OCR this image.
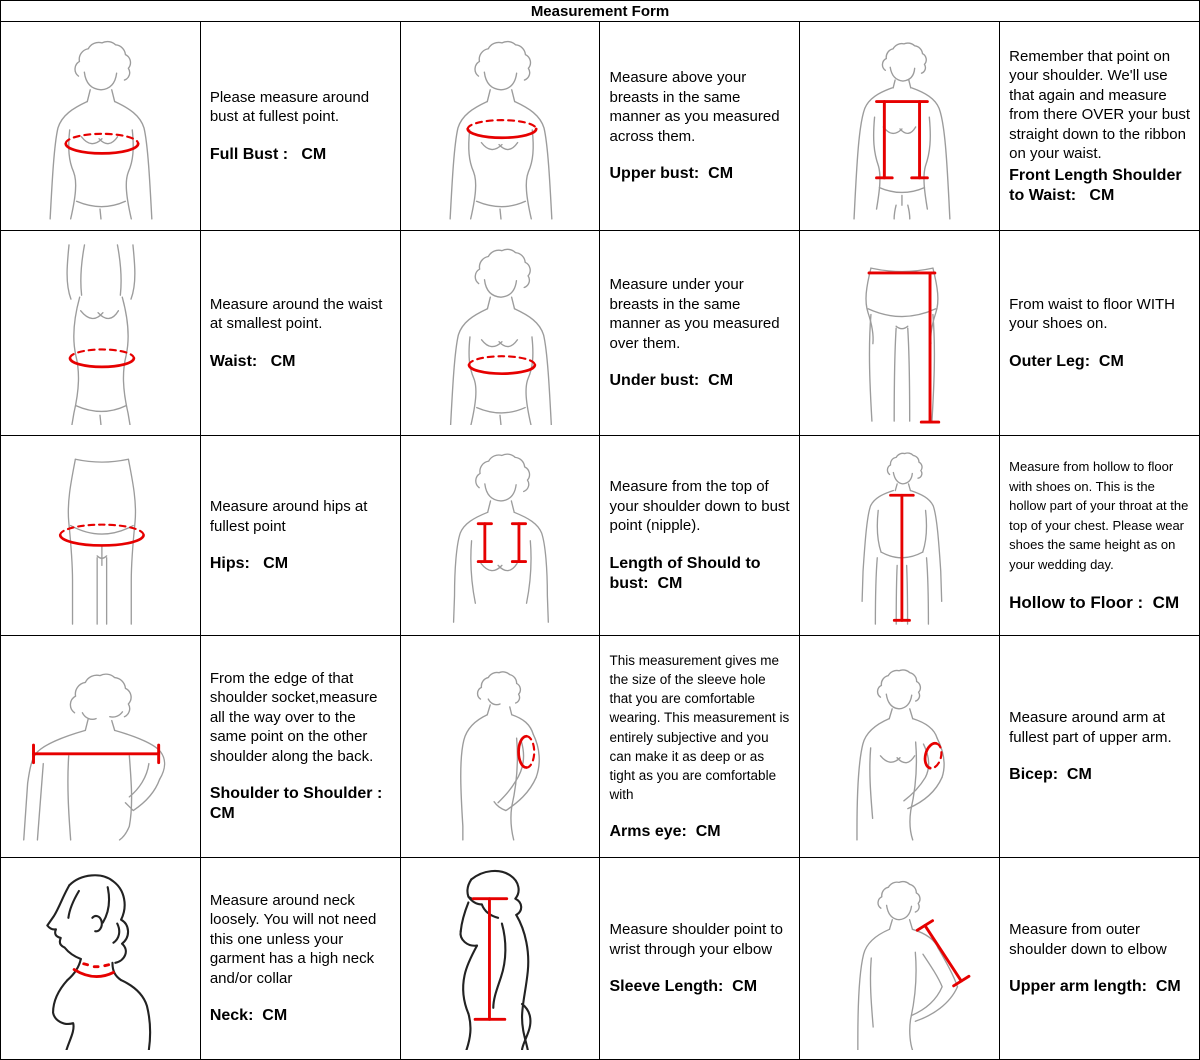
Measurement Form					

Please measure around bust at fullest point.
Full Bust :   CM

Measure above your breasts in the same manner as you measured across them.
Upper bust:  CM

Remember that point on your shoulder. We'll use that again and measure from there OVER your bust straight down to the ribbon on your waist.
Front Length Shoulder to Waist:   CM

Measure around the waist at smallest point.
Waist:   CM

Measure under your breasts in the same manner as you measured over them.
Under bust:  CM

From waist to floor WITH your shoes on.
Outer Leg:  CM

Measure around hips at fullest point
Hips:   CM

Measure from the top of your shoulder down to bust point (nipple).
Length of Should to bust:  CM

Measure from hollow to floor with shoes on. This is the hollow part of your throat at the top of your chest. Please wear shoes the same height as on your wedding day.
Hollow to Floor :  CM

From the edge of that shoulder socket,measure all the way over to the same point on the other shoulder along the back.
Shoulder to Shoulder : CM

This measurement gives me the size of the sleeve hole that you are comfortable wearing. This measurement is entirely subjective and you can make it as deep or as tight as you are comfortable with
Arms eye:  CM

Measure around arm at fullest part of upper arm.
Bicep:  CM

Measure around neck loosely. You will not need this one unless your garment has a high neck and/or collar
Neck:  CM

Measure shoulder point to wrist through your elbow
Sleeve Length:  CM

Measure from outer shoulder down to elbow
Upper arm length:  CM
